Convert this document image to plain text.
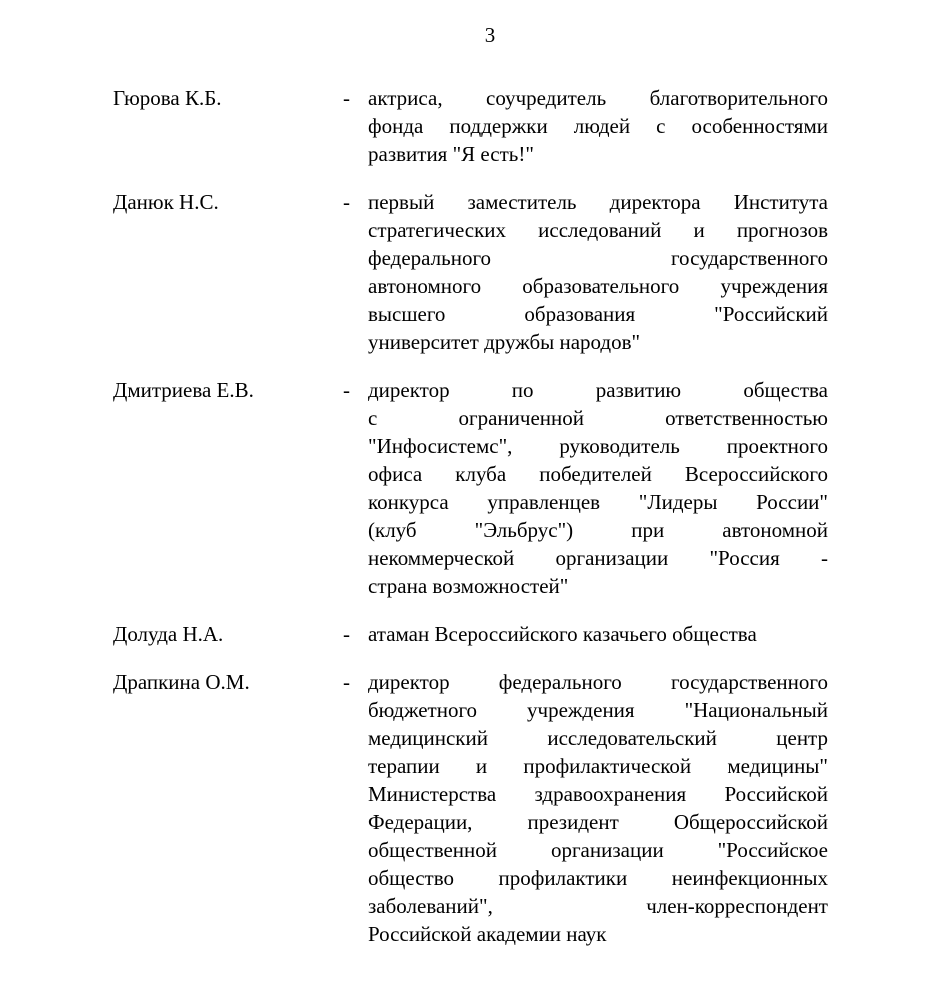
3
Гюрова К.Б.	- актриса, соучредитель благотворительного
фонда поддержки людей с особенностями
развития "Я есть!"
Данюк Н.С.	- первый заместитель директора Института
стратегических исследований и прогнозов
федерального государственного
автономного образовательного учреждения
высшего образования "Российский
университет дружбы народов"
Дмитриева Е.В.	- директор по развитию общества
с ограниченной ответственностью
"Инфосистемс", руководитель проектного
офиса клуба победителей Всероссийского
конкурса управленцев "Лидеры России"
(клуб "Эльбрус") при автономной
некоммерческой организации "Россия -
страна возможностей"
Долуда Н.А.	- атаман Всероссийского казачьего общества
Драпкина О.М.	- директор федерального государственного
бюджетного учреждения "Национальный
медицинский исследовательский центр
терапии и профилактической медицины"
Министерства здравоохранения Российской
Федерации, президент Общероссийской
общественной организации "Российское
общество профилактики неинфекционных
заболеваний", член-корреспондент
Российской академии наук
